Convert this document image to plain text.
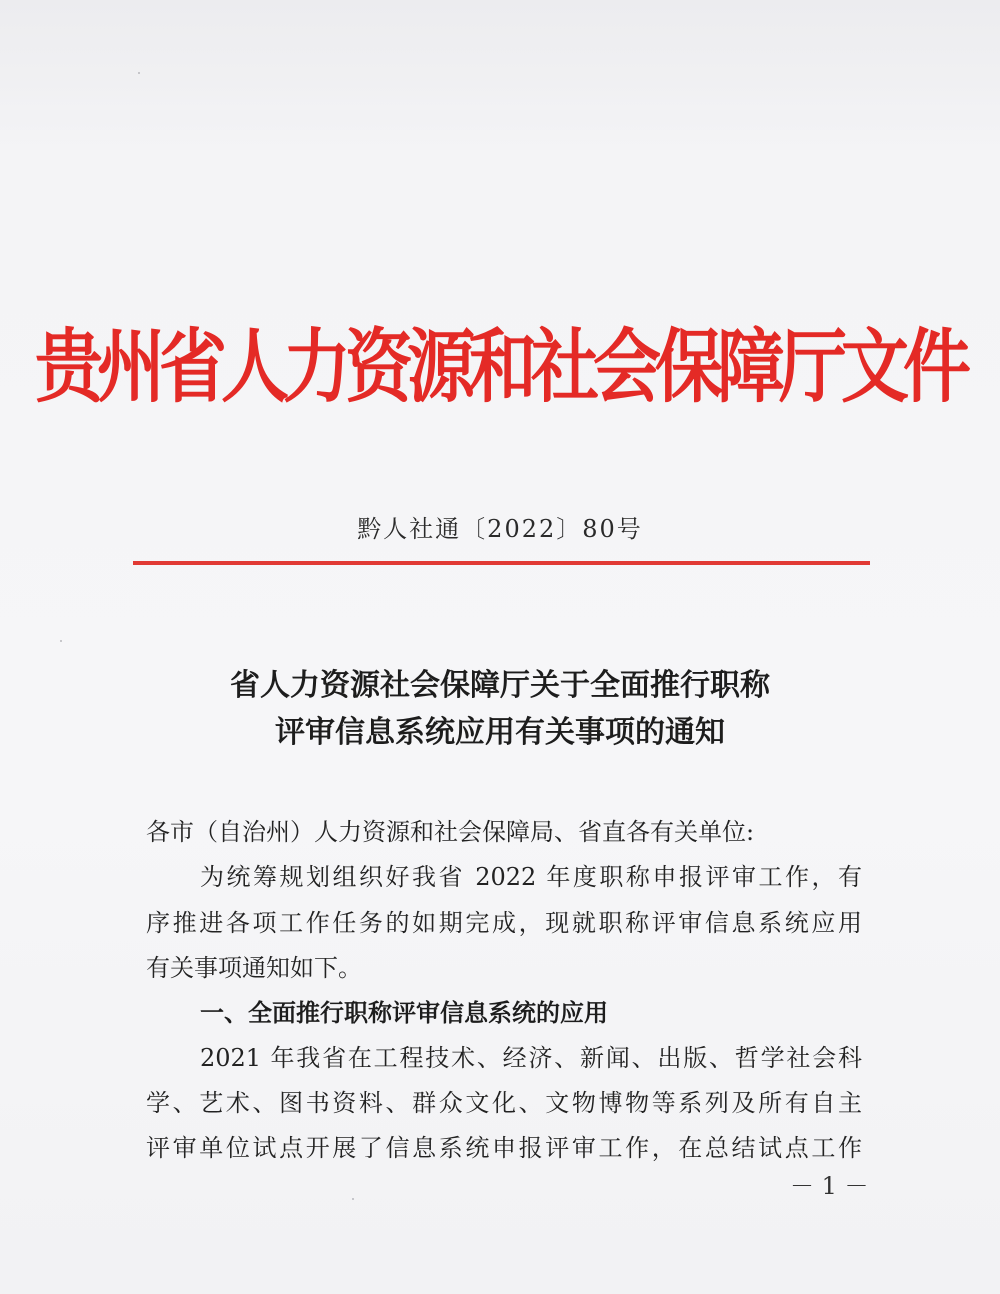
贵州省人力资源和社会保障厅文件
黔人社通〔2022〕80号
省人力资源社会保障厅关于全面推行职称
评审信息系统应用有关事项的通知
各市（自治州）人力资源和社会保障局、省直各有关单位:
为统筹规划组织好我省 2022 年度职称申报评审工作，有
序推进各项工作任务的如期完成，现就职称评审信息系统应用
有关事项通知如下。
一、全面推行职称评审信息系统的应用
2021 年我省在工程技术、经济、新闻、出版、哲学社会科
学、艺术、图书资料、群众文化、文物博物等系列及所有自主
评审单位试点开展了信息系统申报评审工作，在总结试点工作
－ 1 －
